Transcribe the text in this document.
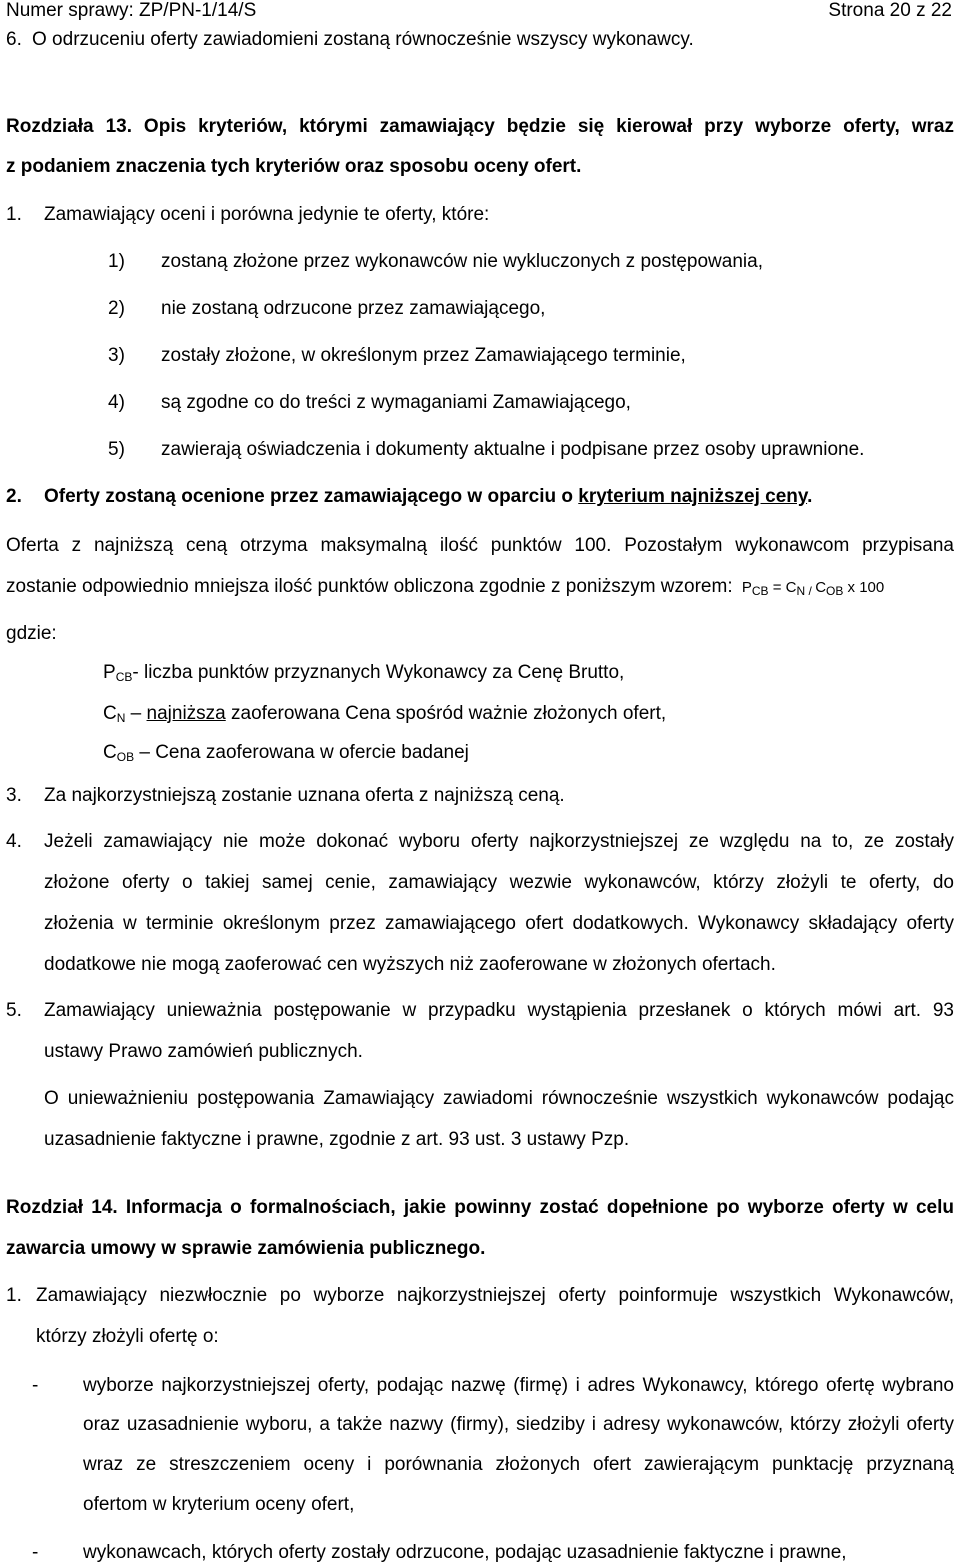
Numer sprawy: ZP/PN-1/14/S	Strona 20 z 22
6. O odrzuceniu oferty zawiadomieni zostaną równocześnie wszyscy wykonawcy.
Rozdziała 13. Opis kryteriów, którymi zamawiający będzie się kierował przy wyborze oferty, wraz
z podaniem znaczenia tych kryteriów oraz sposobu oceny ofert.
1. Zamawiający oceni i porówna jedynie te oferty, które:
1) zostaną złożone przez wykonawców nie wykluczonych z postępowania,
2) nie zostaną odrzucone przez zamawiającego,
3) zostały złożone, w określonym przez Zamawiającego terminie,
4) są zgodne co do treści z wymaganiami Zamawiającego,
5) zawierają oświadczenia i dokumenty aktualne i podpisane przez osoby uprawnione.
2. Oferty zostaną ocenione przez zamawiającego w oparciu o kryterium najniższej ceny.
Oferta z najniższą ceną otrzyma maksymalną ilość punktów 100. Pozostałym wykonawcom przypisana
zostanie odpowiednio mniejsza ilość punktów obliczona zgodnie z poniższym wzorem: $P_{CB} = C_{N /}$ $C_{OB}$ x 100
gdzie:
$P_{CB}-$ liczba punktów przyznanych Wykonawcy za Cenę Brutto,
$C_N$ – najniższa zaoferowana Cena spośród ważnie złożonych ofert,
$C_{OB}$ – Cena zaoferowana w ofercie badanej
3. Za najkorzystniejszą zostanie uznana oferta z najniższą ceną.
4. Jeżeli zamawiający nie może dokonać wyboru oferty najkorzystniejszej ze względu na to, ze zostały
złożone oferty o takiej samej cenie, zamawiający wezwie wykonawców, którzy złożyli te oferty, do
złożenia w terminie określonym przez zamawiającego ofert dodatkowych. Wykonawcy składający oferty
dodatkowe nie mogą zaoferować cen wyższych niż zaoferowane w złożonych ofertach.
5. Zamawiający unieważnia postępowanie w przypadku wystąpienia przesłanek o których mówi art. 93
ustawy Prawo zamówień publicznych.
O unieważnieniu postępowania Zamawiający zawiadomi równocześnie wszystkich wykonawców podając
uzasadnienie faktyczne i prawne, zgodnie z art. 93 ust. 3 ustawy Pzp.
Rozdział 14. Informacja o formalnościach, jakie powinny zostać dopełnione po wyborze oferty w celu
zawarcia umowy w sprawie zamówienia publicznego.
1. Zamawiający niezwłocznie po wyborze najkorzystniejszej oferty poinformuje wszystkich Wykonawców,
którzy złożyli ofertę o:
- wyborze najkorzystniejszej oferty, podając nazwę (firmę) i adres Wykonawcy, którego ofertę wybrano
oraz uzasadnienie wyboru, a także nazwy (firmy), siedziby i adresy wykonawców, którzy złożyli oferty
wraz ze streszczeniem oceny i porównania złożonych ofert zawierającym punktację przyznaną
ofertom w kryterium oceny ofert,
- wykonawcach, których oferty zostały odrzucone, podając uzasadnienie faktyczne i prawne,
